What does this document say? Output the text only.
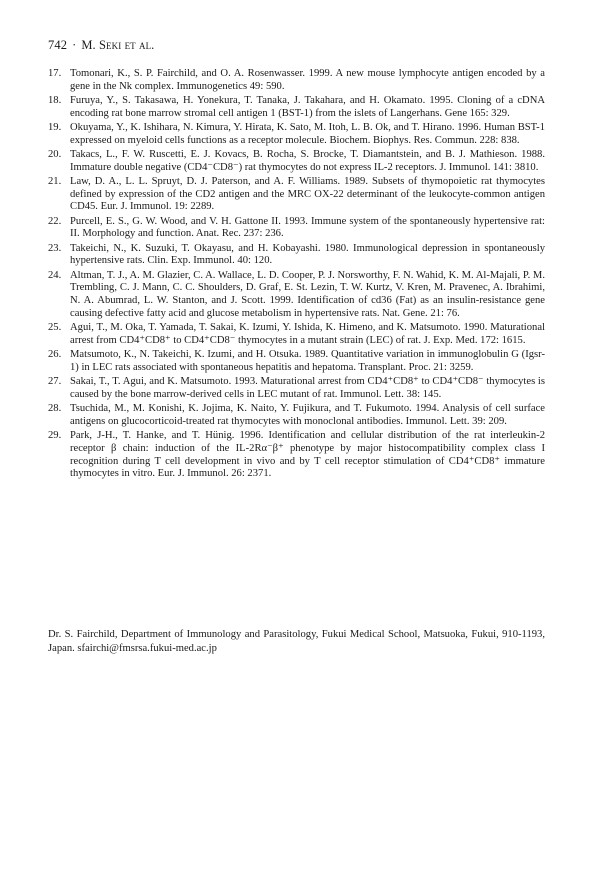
742 · M. Seki et al.
17. Tomonari, K., S. P. Fairchild, and O. A. Rosenwasser. 1999. A new mouse lymphocyte antigen encoded by a gene in the Nk complex. Immunogenetics 49: 590.
18. Furuya, Y., S. Takasawa, H. Yonekura, T. Tanaka, J. Takahara, and H. Okamato. 1995. Cloning of a cDNA encoding rat bone marrow stromal cell antigen 1 (BST-1) from the islets of Langerhans. Gene 165: 329.
19. Okuyama, Y., K. Ishihara, N. Kimura, Y. Hirata, K. Sato, M. Itoh, L. B. Ok, and T. Hirano. 1996. Human BST-1 expressed on myeloid cells functions as a receptor molecule. Biochem. Biophys. Res. Commun. 228: 838.
20. Takacs, L., F. W. Ruscetti, E. J. Kovacs, B. Rocha, S. Brocke, T. Diamantstein, and B. J. Mathieson. 1988. Immature double negative (CD4⁻CD8⁻) rat thymocytes do not express IL-2 receptors. J. Immunol. 141: 3810.
21. Law, D. A., L. L. Spruyt, D. J. Paterson, and A. F. Williams. 1989. Subsets of thymopoietic rat thymocytes defined by expression of the CD2 antigen and the MRC OX-22 determinant of the leukocyte-common antigen CD45. Eur. J. Immunol. 19: 2289.
22. Purcell, E. S., G. W. Wood, and V. H. Gattone II. 1993. Immune system of the spontaneously hypertensive rat: II. Morphology and function. Anat. Rec. 237: 236.
23. Takeichi, N., K. Suzuki, T. Okayasu, and H. Kobayashi. 1980. Immunological depression in spontaneously hypertensive rats. Clin. Exp. Immunol. 40: 120.
24. Altman, T. J., A. M. Glazier, C. A. Wallace, L. D. Cooper, P. J. Norsworthy, F. N. Wahid, K. M. Al-Majali, P. M. Trembling, C. J. Mann, C. C. Shoulders, D. Graf, E. St. Lezin, T. W. Kurtz, V. Kren, M. Pravenec, A. Ibrahimi, N. A. Abumrad, L. W. Stanton, and J. Scott. 1999. Identification of cd36 (Fat) as an insulin-resistance gene causing defective fatty acid and glucose metabolism in hypertensive rats. Nat. Gene. 21: 76.
25. Agui, T., M. Oka, T. Yamada, T. Sakai, K. Izumi, Y. Ishida, K. Himeno, and K. Matsumoto. 1990. Maturational arrest from CD4⁺CD8⁺ to CD4⁺CD8⁻ thymocytes in a mutant strain (LEC) of rat. J. Exp. Med. 172: 1615.
26. Matsumoto, K., N. Takeichi, K. Izumi, and H. Otsuka. 1989. Quantitative variation in immunoglobulin G (Igsr-1) in LEC rats associated with spontaneous hepatitis and hepatoma. Transplant. Proc. 21: 3259.
27. Sakai, T., T. Agui, and K. Matsumoto. 1993. Maturational arrest from CD4⁺CD8⁺ to CD4⁺CD8⁻ thymocytes is caused by the bone marrow-derived cells in LEC mutant of rat. Immunol. Lett. 38: 145.
28. Tsuchida, M., M. Konishi, K. Jojima, K. Naito, Y. Fujikura, and T. Fukumoto. 1994. Analysis of cell surface antigens on glucocorticoid-treated rat thymocytes with monoclonal antibodies. Immunol. Lett. 39: 209.
29. Park, J-H., T. Hanke, and T. Hünig. 1996. Identification and cellular distribution of the rat interleukin-2 receptor β chain: induction of the IL-2Rα⁻β⁺ phenotype by major histocompatibility complex class I recognition during T cell development in vivo and by T cell receptor stimulation of CD4⁺CD8⁺ immature thymocytes in vitro. Eur. J. Immunol. 26: 2371.

Dr. S. Fairchild, Department of Immunology and Parasitology, Fukui Medical School, Matsuoka, Fukui, 910-1193, Japan. sfairchi@fmsrsa.fukui-med.ac.jp
